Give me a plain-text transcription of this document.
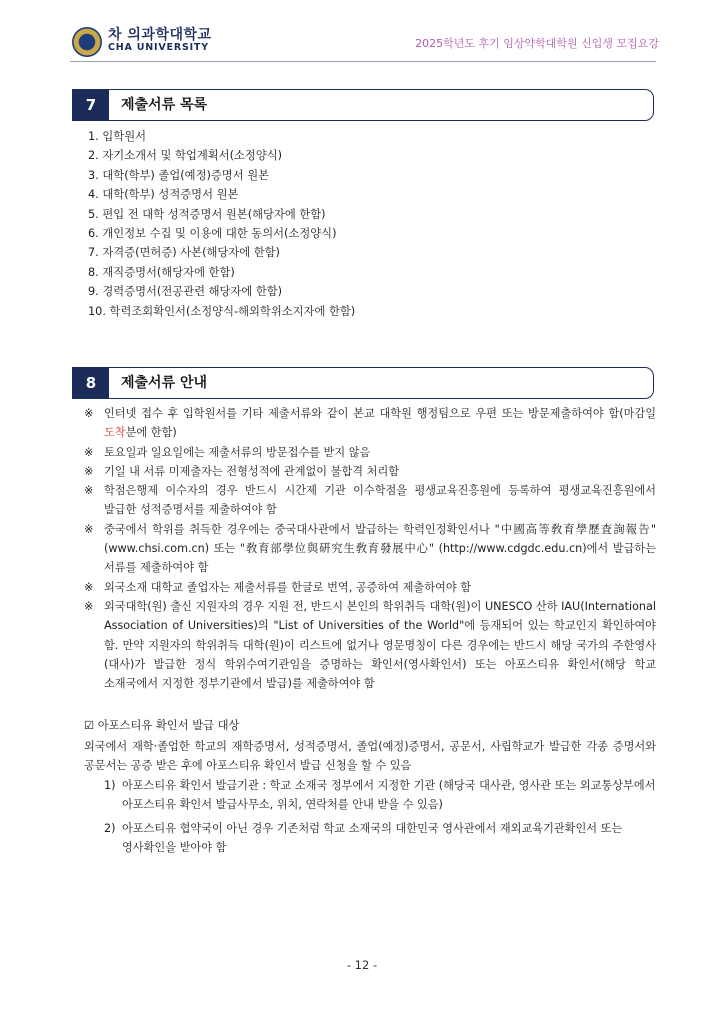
차 의과학대학교
CHA UNIVERSITY	2025학년도 후기 임상약학대학원 신입생 모집요강
7	제출서류 목록
1. 입학원서
2. 자기소개서 및 학업계획서(소정양식)
3. 대학(학부) 졸업(예정)증명서 원본
4. 대학(학부) 성적증명서 원본
5. 편입 전 대학 성적증명서 원본(해당자에 한함)
6. 개인정보 수집 및 이용에 대한 동의서(소정양식)
7. 자격증(면허증) 사본(해당자에 한함)
8. 재직증명서(해당자에 한함)
9. 경력증명서(전공관련 해당자에 한함)
10. 학력조회확인서(소정양식-해외학위소지자에 한함)
8	제출서류 안내
※ 인터넷 접수 후 입학원서를 기타 제출서류와 같이 본교 대학원 행정팀으로 우편 또는 방문제출하여야 함(마감일 도착분에 한함)
※ 토요일과 일요일에는 제출서류의 방문접수를 받지 않음
※ 기일 내 서류 미제출자는 전형성적에 관계없이 불합격 처리함
※ 학점은행제 이수자의 경우 반드시 시간제 기관 이수학점을 평생교육진흥원에 등록하여 평생교육진흥원에서 발급한 성적증명서를 제출하여야 함
※ 중국에서 학위를 취득한 경우에는 중국대사관에서 발급하는 학력인정확인서나 "中國高等敎育學歷査詢報告" (www.chsi.com.cn) 또는 "敎育部學位與硏究生敎育發展中心" (http://www.cdgdc.edu.cn)에서 발급하는 서류를 제출하여야 함
※ 외국소재 대학교 졸업자는 제출서류를 한글로 번역, 공증하여 제출하여야 함
※ 외국대학(원) 출신 지원자의 경우 지원 전, 반드시 본인의 학위취득 대학(원)이 UNESCO 산하 IAU(International Association of Universities)의 "List of Universities of the World"에 등재되어 있는 학교인지 확인하여야 함. 만약 지원자의 학위취득 대학(원)이 리스트에 없거나 영문명칭이 다른 경우에는 반드시 해당 국가의 주한영사(대사)가 발급한 정식 학위수여기관임을 증명하는 확인서(영사확인서) 또는 아포스티유 확인서(해당 학교 소재국에서 지정한 정부기관에서 발급)를 제출하여야 함
☑ 아포스티유 확인서 발급 대상
외국에서 재학·졸업한 학교의 재학증명서, 성적증명서, 졸업(예정)증명서, 공문서, 사립학교가 발급한 각종 증명서와 공문서는 공증 받은 후에 아포스티유 확인서 발급 신청을 할 수 있음
1) 아포스티유 확인서 발급기관 : 학교 소재국 정부에서 지정한 기관 (해당국 대사관, 영사관 또는 외교통상부에서 아포스티유 확인서 발급사무소, 위치, 연락처를 안내 받을 수 있음)
2) 아포스티유 협약국이 아닌 경우 기존처럼 학교 소재국의 대한민국 영사관에서 재외교육기관확인서 또는 영사확인을 받아야 함
- 12 -
